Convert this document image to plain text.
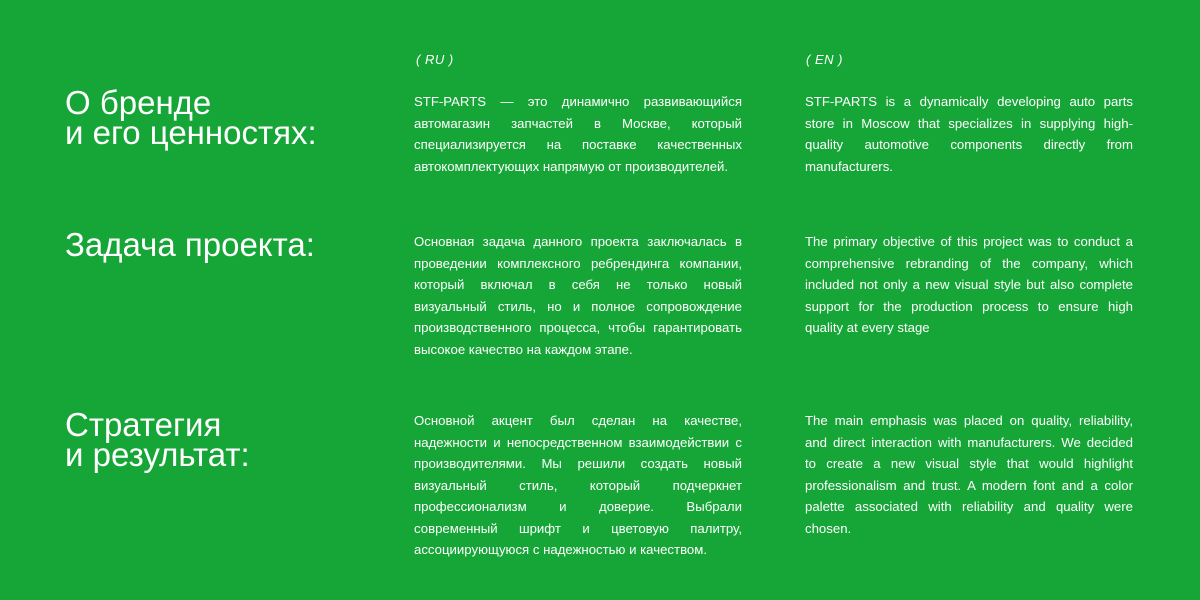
( RU )	( EN )
О бренде
и его ценностях:

STF-PARTS — это динамично развивающийся автомагазин запчастей в Москве, который специализируется на поставке качественных автокомплектующих напрямую от производителей.

STF-PARTS is a dynamically developing auto parts store in Moscow that specializes in supplying high-quality automotive components directly from manufacturers.

Задача проекта:	Основная задача данного проекта заключалась в проведении комплексного ребрендинга компании, который включал в себя не только новый визуальный стиль, но и полное сопровождение производственного процесса, чтобы гарантировать высокое качество на каждом этапе.

The primary objective of this project was to conduct a comprehensive rebranding of the company, which included not only a new visual style but also complete support for the production process to ensure high quality at every stage

Стратегия
и результат:

Основной акцент был сделан на качестве, надежности и непосредственном взаимодействии с производителями. Мы решили создать новый визуальный стиль, который подчеркнет профессионализм и доверие. Выбрали современный шрифт и цветовую палитру, ассоциирующуюся с надежностью и качеством.

The main emphasis was placed on quality, reliability, and direct interaction with manufacturers. We decided to create a new visual style that would highlight professionalism and trust. A modern font and a color palette associated with reliability and quality were chosen.
